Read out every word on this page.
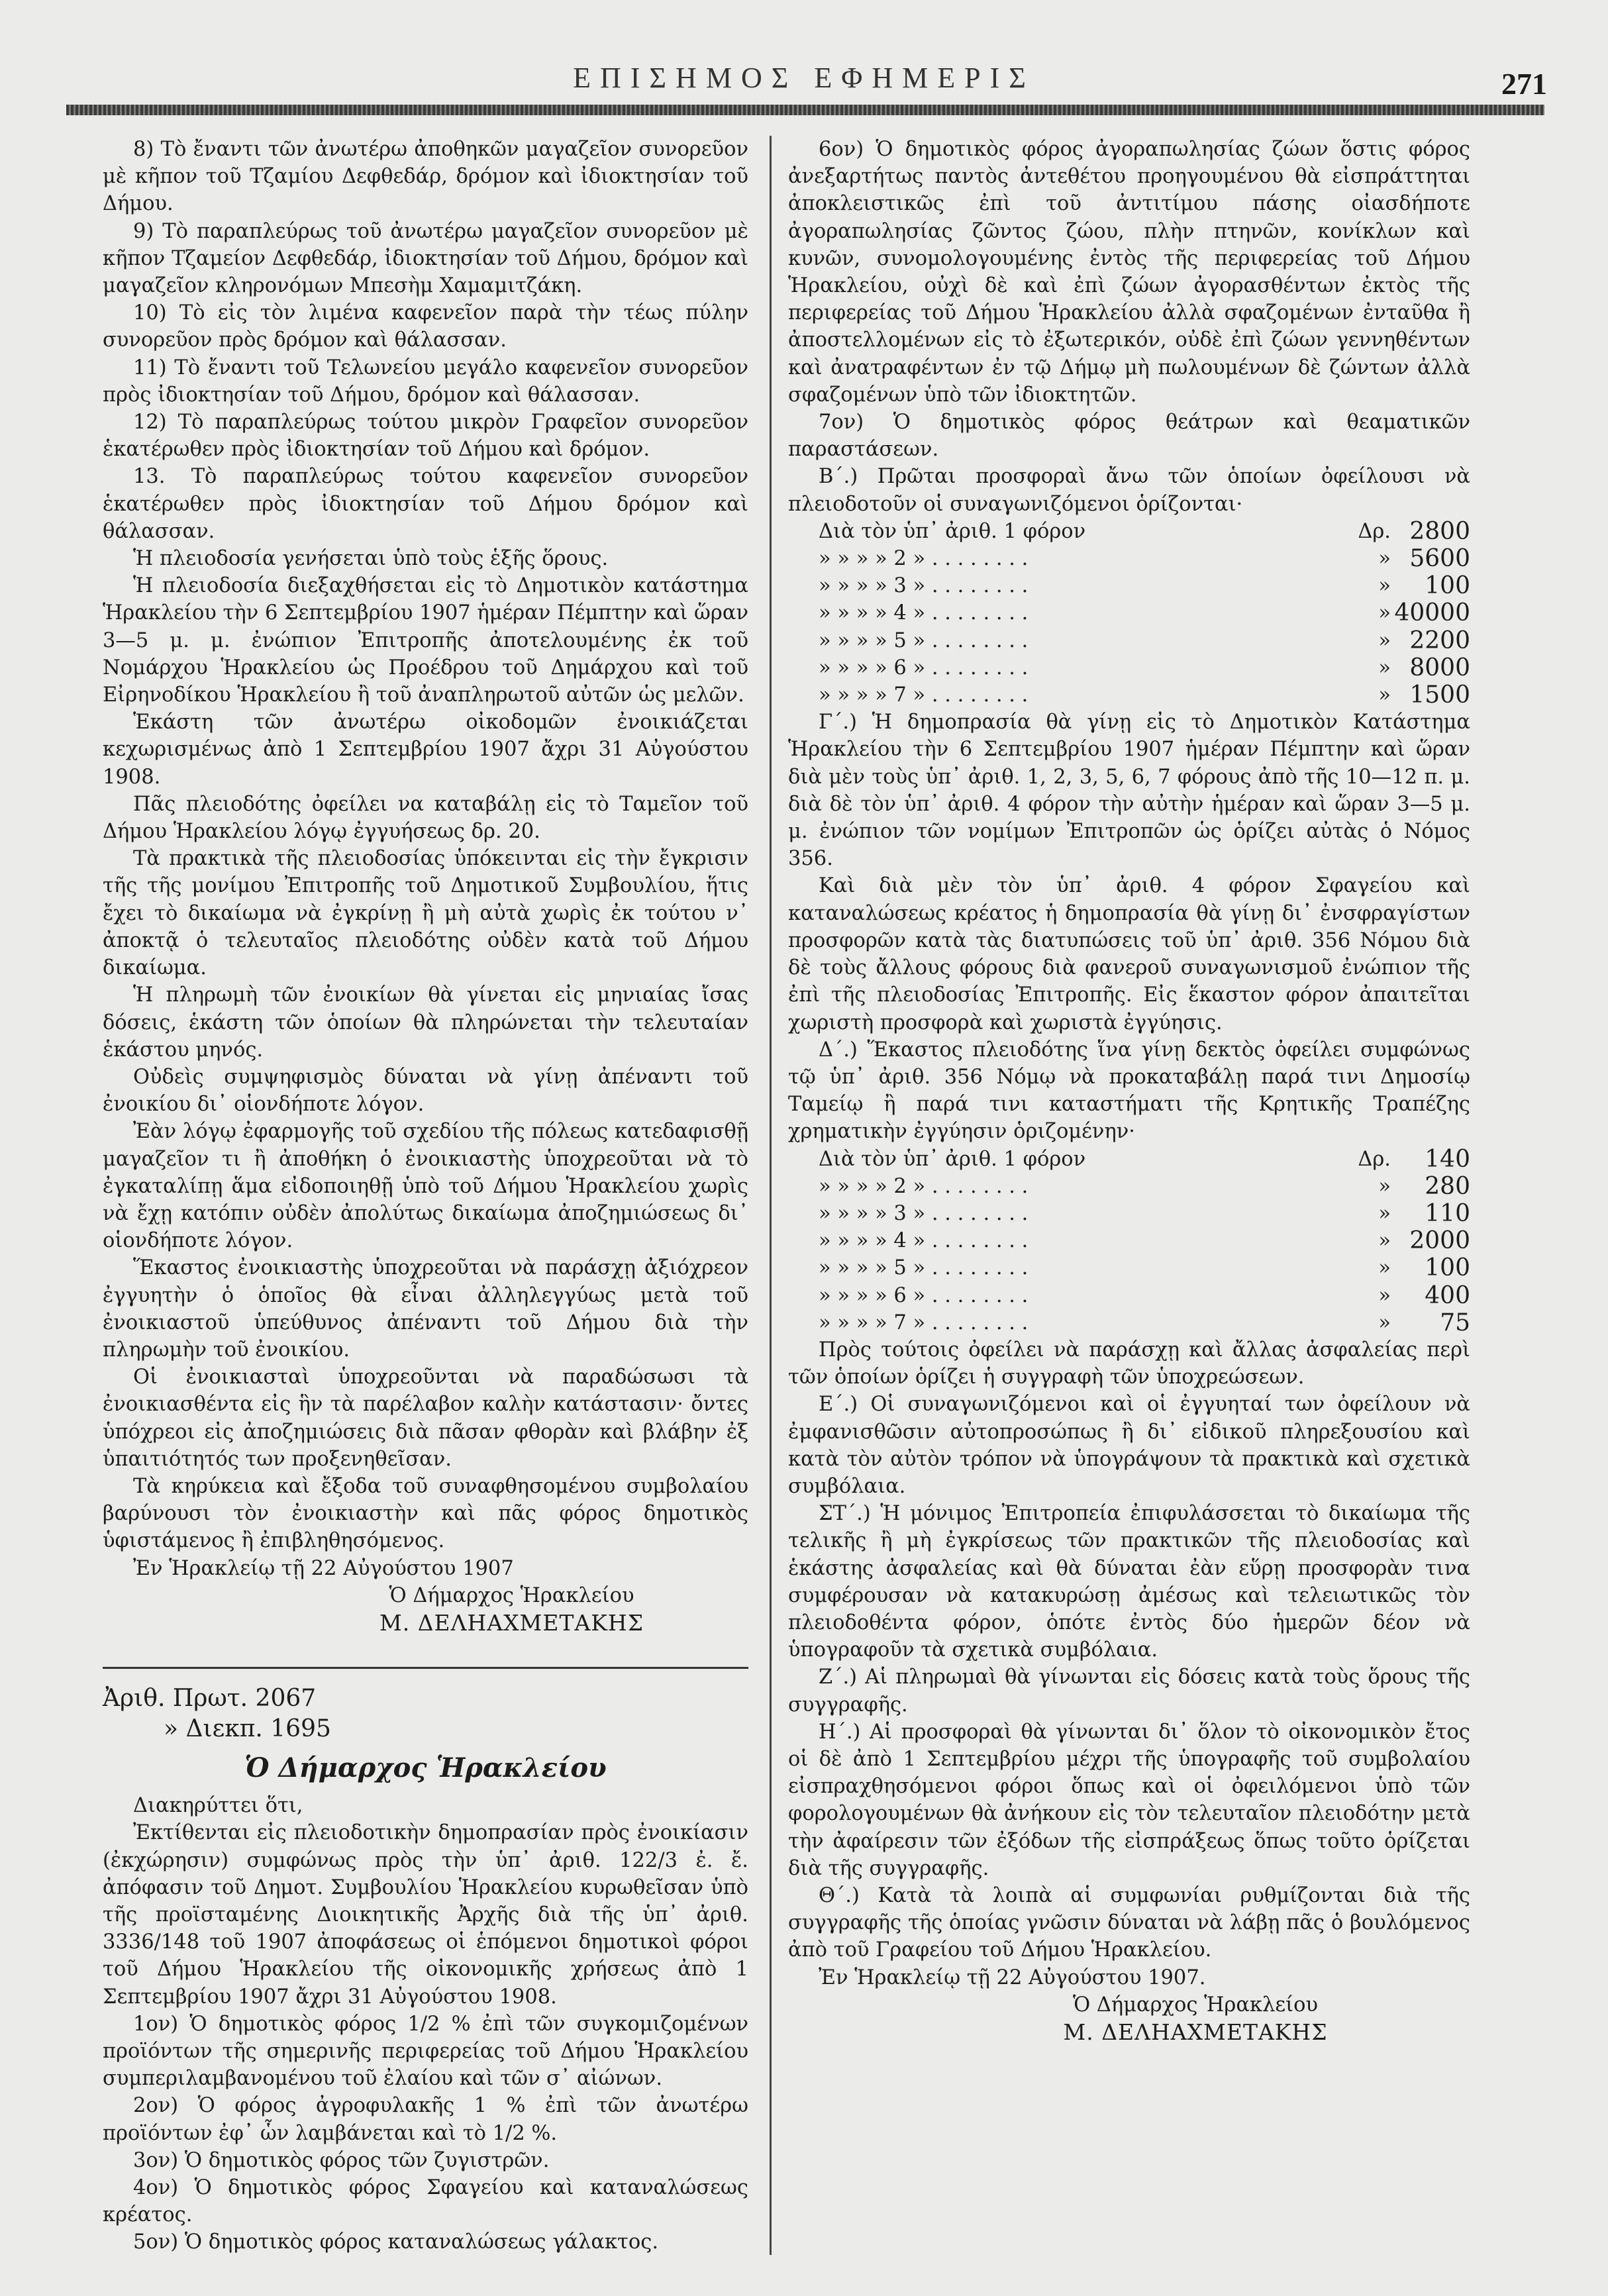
ΕΠΙΣΗΜΟΣ ΕΦΗΜΕΡΙΣ	271

8) Τὸ ἔναντι τῶν ἀνωτέρω ἀποθηκῶν μαγαζεῖον συνορεῦον μὲ κῆπον τοῦ Τζαμίου Δεφθεδάρ, δρόμον καὶ ἰδιοκτησίαν τοῦ Δήμου.

9) Τὸ παραπλεύρως τοῦ ἀνωτέρω μαγαζεῖον συνορεῦον μὲ κῆπον Τζαμείον Δεφθεδάρ, ἰδιοκτησίαν τοῦ Δήμου, δρόμον καὶ μαγαζεῖον κληρονόμων Μπεσὴμ Χαμαμιτζάκη.

10) Τὸ εἰς τὸν λιμένα καφενεῖον παρὰ τὴν τέως πύλην συνορεῦον πρὸς δρόμον καὶ θάλασσαν.

11) Τὸ ἔναντι τοῦ Τελωνείου μεγάλο καφενεῖον συνορεῦον πρὸς ἰδιοκτησίαν τοῦ Δήμου, δρόμον καὶ θάλασσαν.

12) Τὸ παραπλεύρως τούτου μικρὸν Γραφεῖον συνορεῦον ἑκατέρωθεν πρὸς ἰδιοκτησίαν τοῦ Δήμου καὶ δρόμον.

13. Τὸ παραπλεύρως τούτου καφενεῖον συνορεῦον ἑκατέρωθεν πρὸς ἰδιοκτησίαν τοῦ Δήμου δρόμον καὶ θάλασσαν.

Ἡ πλειοδοσία γενήσεται ὑπὸ τοὺς ἑξῆς ὅρους.

Ἡ πλειοδοσία διεξαχθήσεται εἰς τὸ Δημοτικὸν κατάστημα Ἡρακλείου τὴν 6 Σεπτεμβρίου 1907 ἡμέραν Πέμπτην καὶ ὥραν 3—5 μ. μ. ἐνώπιον Ἐπιτροπῆς ἀποτελουμένης ἐκ τοῦ Νομάρχου Ἡρακλείου ὡς Προέδρου τοῦ Δημάρχου καὶ τοῦ Εἰρηνοδίκου Ἡρακλείου ἢ τοῦ ἀναπληρωτοῦ αὐτῶν ὡς μελῶν.

Ἑκάστη τῶν ἀνωτέρω οἰκοδομῶν ἐνοικιάζεται κεχωρισμένως ἀπὸ 1 Σεπτεμβρίου 1907 ἄχρι 31 Αὐγούστου 1908.

Πᾶς πλειοδότης ὀφείλει να καταβάλῃ εἰς τὸ Ταμεῖον τοῦ Δήμου Ἡρακλείου λόγῳ ἐγγυήσεως δρ. 20.

Τὰ πρακτικὰ τῆς πλειοδοσίας ὑπόκεινται εἰς τὴν ἔγκρισιν τῆς τῆς μονίμου Ἐπιτροπῆς τοῦ Δημοτικοῦ Συμβουλίου, ἥτις ἔχει τὸ δικαίωμα νὰ ἐγκρίνῃ ἢ μὴ αὐτὰ χωρὶς ἐκ τούτου ν᾽ ἀποκτᾷ ὁ τελευταῖος πλειοδότης οὐδὲν κατὰ τοῦ Δήμου δικαίωμα.

Ἡ πληρωμὴ τῶν ἐνοικίων θὰ γίνεται εἰς μηνιαίας ἴσας δόσεις, ἑκάστη τῶν ὁποίων θὰ πληρώνεται τὴν τελευταίαν ἑκάστου μηνός.

Οὐδεὶς συμψηφισμὸς δύναται νὰ γίνῃ ἀπέναντι τοῦ ἐνοικίου δι᾽ οἱονδήποτε λόγον.

Ἐὰν λόγῳ ἐφαρμογῆς τοῦ σχεδίου τῆς πόλεως κατεδαφισθῇ μαγαζεῖον τι ἢ ἀποθήκη ὁ ἐνοικιαστὴς ὑποχρεοῦται νὰ τὸ ἐγκαταλίπῃ ἅμα εἰδοποιηθῇ ὑπὸ τοῦ Δήμου Ἡρακλείου χωρὶς νὰ ἔχῃ κατόπιν οὐδὲν ἀπολύτως δικαίωμα ἀποζημιώσεως δι᾽ οἱονδήποτε λόγον.

Ἕκαστος ἐνοικιαστὴς ὑποχρεοῦται νὰ παράσχῃ ἀξιόχρεον ἐγγυητὴν ὁ ὁποῖος θὰ εἶναι ἀλληλεγγύως μετὰ τοῦ ἐνοικιαστοῦ ὑπεύθυνος ἀπέναντι τοῦ Δήμου διὰ τὴν πληρωμὴν τοῦ ἐνοικίου.

Οἱ ἐνοικιασταὶ ὑποχρεοῦνται νὰ παραδώσωσι τὰ ἐνοικιασθέντα εἰς ἣν τὰ παρέλαβον καλὴν κατάστασιν· ὄντες ὑπόχρεοι εἰς ἀποζημιώσεις διὰ πᾶσαν φθορὰν καὶ βλάβην ἐξ ὑπαιτιότητός των προξενηθεῖσαν.

Τὰ κηρύκεια καὶ ἔξοδα τοῦ συναφθησομένου συμβολαίου βαρύνουσι τὸν ἐνοικιαστὴν καὶ πᾶς φόρος δημοτικὸς ὑφιστάμενος ἢ ἐπιβληθησόμενος.

Ἐν Ἡρακλείῳ τῇ 22 Αὐγούστου 1907

Ὁ Δήμαρχος Ἡρακλείου

Μ. ΔΕΛΗΑΧΜΕΤΑΚΗΣ

Ἀριθ. Πρωτ. 2067

» Διεκπ. 1695

Ὁ Δήμαρχος Ἡρακλείου

Διακηρύττει ὅτι,

Ἐκτίθενται εἰς πλειοδοτικὴν δημοπρασίαν πρὸς ἐνοικίασιν (ἐκχώρησιν) συμφώνως πρὸς τὴν ὑπ᾽ ἀριθ. 122/3 ἐ. ἔ. ἀπόφασιν τοῦ Δημοτ. Συμβουλίου Ἡρακλείου κυρωθεῖσαν ὑπὸ τῆς προϊσταμένης Διοικητικῆς Ἀρχῆς διὰ τῆς ὑπ᾽ ἀριθ. 3336/148 τοῦ 1907 ἀποφάσεως οἱ ἑπόμενοι δημοτικοὶ φόροι τοῦ Δήμου Ἡρακλείου τῆς οἰκονομικῆς χρήσεως ἀπὸ 1 Σεπτεμβρίου 1907 ἄχρι 31 Αὐγούστου 1908.

1ον) Ὁ δημοτικὸς φόρος 1/2 % ἐπὶ τῶν συγκομιζομένων προϊόντων τῆς σημερινῆς περιφερείας τοῦ Δήμου Ἡρακλείου συμπεριλαμβανομένου τοῦ ἐλαίου καὶ τῶν σ᾽ αἰώνων.

2ον) Ὁ φόρος ἀγροφυλακῆς 1 % ἐπὶ τῶν ἀνωτέρω προϊόντων ἐφ᾽ ὧν λαμβάνεται καὶ τὸ 1/2 %.

3ον) Ὁ δημοτικὸς φόρος τῶν ζυγιστρῶν.

4ον) Ὁ δημοτικὸς φόρος Σφαγείου καὶ καταναλώσεως κρέατος.

5ον) Ὁ δημοτικὸς φόρος καταναλώσεως γάλακτος.

6ον) Ὁ δημοτικὸς φόρος ἀγοραπωλησίας ζώων ὅστις φόρος ἀνεξαρτήτως παντὸς ἀντεθέτου προηγουμένου θὰ εἰσπράττηται ἀποκλειστικῶς ἐπὶ τοῦ ἀντιτίμου πάσης οἰασδήποτε ἀγοραπωλησίας ζῶντος ζώου, πλὴν πτηνῶν, κονίκλων καὶ κυνῶν, συνομολογουμένης ἐντὸς τῆς περιφερείας τοῦ Δήμου Ἡρακλείου, οὐχὶ δὲ καὶ ἐπὶ ζώων ἀγορασθέντων ἐκτὸς τῆς περιφερείας τοῦ Δήμου Ἡρακλείου ἀλλὰ σφαζομένων ἐνταῦθα ἢ ἀποστελλομένων εἰς τὸ ἐξωτερικόν, οὐδὲ ἐπὶ ζώων γεννηθέντων καὶ ἀνατραφέντων ἐν τῷ Δήμῳ μὴ πωλουμένων δὲ ζώντων ἀλλὰ σφαζομένων ὑπὸ τῶν ἰδιοκτητῶν.

7ον) Ὁ δημοτικὸς φόρος θεάτρων καὶ θεαματικῶν παραστάσεων.

Β΄.) Πρῶται προσφοραὶ ἄνω τῶν ὁποίων ὀφείλουσι νὰ πλειοδοτοῦν οἱ συναγωνιζόμενοι ὁρίζονται·

Διὰ τὸν ὑπ᾽ ἀριθ. 1 φόρον	Δρ.	2800
» » » » 2 » . . . . . . . .	»	5600
» » » » 3 » . . . . . . . .	»	100
» » » » 4 » . . . . . . . .	»	40000
» » » » 5 » . . . . . . . .	»	2200
» » » » 6 » . . . . . . . .	»	8000
» » » » 7 » . . . . . . . .	»	1500

Γ΄.) Ἡ δημοπρασία θὰ γίνῃ εἰς τὸ Δημοτικὸν Κατάστημα Ἡρακλείου τὴν 6 Σεπτεμβρίου 1907 ἡμέραν Πέμπτην καὶ ὥραν διὰ μὲν τοὺς ὑπ᾽ ἀριθ. 1, 2, 3, 5, 6, 7 φόρους ἀπὸ τῆς 10—12 π. μ. διὰ δὲ τὸν ὑπ᾽ ἀριθ. 4 φόρον τὴν αὐτὴν ἡμέραν καὶ ὥραν 3—5 μ. μ. ἐνώπιον τῶν νομίμων Ἐπιτροπῶν ὡς ὁρίζει αὐτὰς ὁ Νόμος 356.

Καὶ διὰ μὲν τὸν ὑπ᾽ ἀριθ. 4 φόρον Σφαγείου καὶ καταναλώσεως κρέατος ἡ δημοπρασία θὰ γίνῃ δι᾽ ἐνσφραγίστων προσφορῶν κατὰ τὰς διατυπώσεις τοῦ ὑπ᾽ ἀριθ. 356 Νόμου διὰ δὲ τοὺς ἄλλους φόρους διὰ φανεροῦ συναγωνισμοῦ ἐνώπιον τῆς ἐπὶ τῆς πλειοδοσίας Ἐπιτροπῆς. Εἰς ἕκαστον φόρον ἀπαιτεῖται χωριστὴ προσφορὰ καὶ χωριστὰ ἐγγύησις.

Δ΄.) Ἕκαστος πλειοδότης ἵνα γίνῃ δεκτὸς ὀφείλει συμφώνως τῷ ὑπ᾽ ἀριθ. 356 Νόμῳ νὰ προκαταβάλῃ παρά τινι Δημοσίῳ Ταμείῳ ἢ παρά τινι καταστήματι τῆς Κρητικῆς Τραπέζης χρηματικὴν ἐγγύησιν ὁριζομένην·

Διὰ τὸν ὑπ᾽ ἀριθ. 1 φόρον	Δρ.	140
» » » » 2 » . . . . . . . .	»	280
» » » » 3 » . . . . . . . .	»	110
» » » » 4 » . . . . . . . .	»	2000
» » » » 5 » . . . . . . . .	»	100
» » » » 6 » . . . . . . . .	»	400
» » » » 7 » . . . . . . . .	»	75

Πρὸς τούτοις ὀφείλει νὰ παράσχῃ καὶ ἄλλας ἀσφαλείας περὶ τῶν ὁποίων ὁρίζει ἡ συγγραφὴ τῶν ὑποχρεώσεων.

Ε΄.) Οἱ συναγωνιζόμενοι καὶ οἱ ἐγγυηταί των ὀφείλουν νὰ ἐμφανισθῶσιν αὐτοπροσώπως ἢ δι᾽ εἰδικοῦ πληρεξουσίου καὶ κατὰ τὸν αὐτὸν τρόπον νὰ ὑπογράψουν τὰ πρακτικὰ καὶ σχετικὰ συμβόλαια.

ΣΤ΄.) Ἡ μόνιμος Ἐπιτροπεία ἐπιφυλάσσεται τὸ δικαίωμα τῆς τελικῆς ἢ μὴ ἐγκρίσεως τῶν πρακτικῶν τῆς πλειοδοσίας καὶ ἑκάστης ἀσφαλείας καὶ θὰ δύναται ἐὰν εὕρῃ προσφορὰν τινα συμφέρουσαν νὰ κατακυρώσῃ ἀμέσως καὶ τελειωτικῶς τὸν πλειοδοθέντα φόρον, ὁπότε ἐντὸς δύο ἡμερῶν δέον νὰ ὑπογραφοῦν τὰ σχετικὰ συμβόλαια.

Ζ΄.) Αἱ πληρωμαὶ θὰ γίνωνται εἰς δόσεις κατὰ τοὺς ὅρους τῆς συγγραφῆς.

Η΄.) Αἱ προσφοραὶ θὰ γίνωνται δι᾽ ὅλον τὸ οἰκονομικὸν ἔτος οἱ δὲ ἀπὸ 1 Σεπτεμβρίου μέχρι τῆς ὑπογραφῆς τοῦ συμβολαίου εἰσπραχθησόμενοι φόροι ὅπως καὶ οἱ ὀφειλόμενοι ὑπὸ τῶν φορολογουμένων θὰ ἀνήκουν εἰς τὸν τελευταῖον πλειοδότην μετὰ τὴν ἀφαίρεσιν τῶν ἐξόδων τῆς εἰσπράξεως ὅπως τοῦτο ὁρίζεται διὰ τῆς συγγραφῆς.

Θ΄.) Κατὰ τὰ λοιπὰ αἱ συμφωνίαι ρυθμίζονται διὰ τῆς συγγραφῆς τῆς ὁποίας γνῶσιν δύναται νὰ λάβῃ πᾶς ὁ βουλόμενος ἀπὸ τοῦ Γραφείου τοῦ Δήμου Ἡρακλείου.

Ἐν Ἡρακλείῳ τῇ 22 Αὐγούστου 1907.

Ὁ Δήμαρχος Ἡρακλείου

Μ. ΔΕΛΗΑΧΜΕΤΑΚΗΣ
